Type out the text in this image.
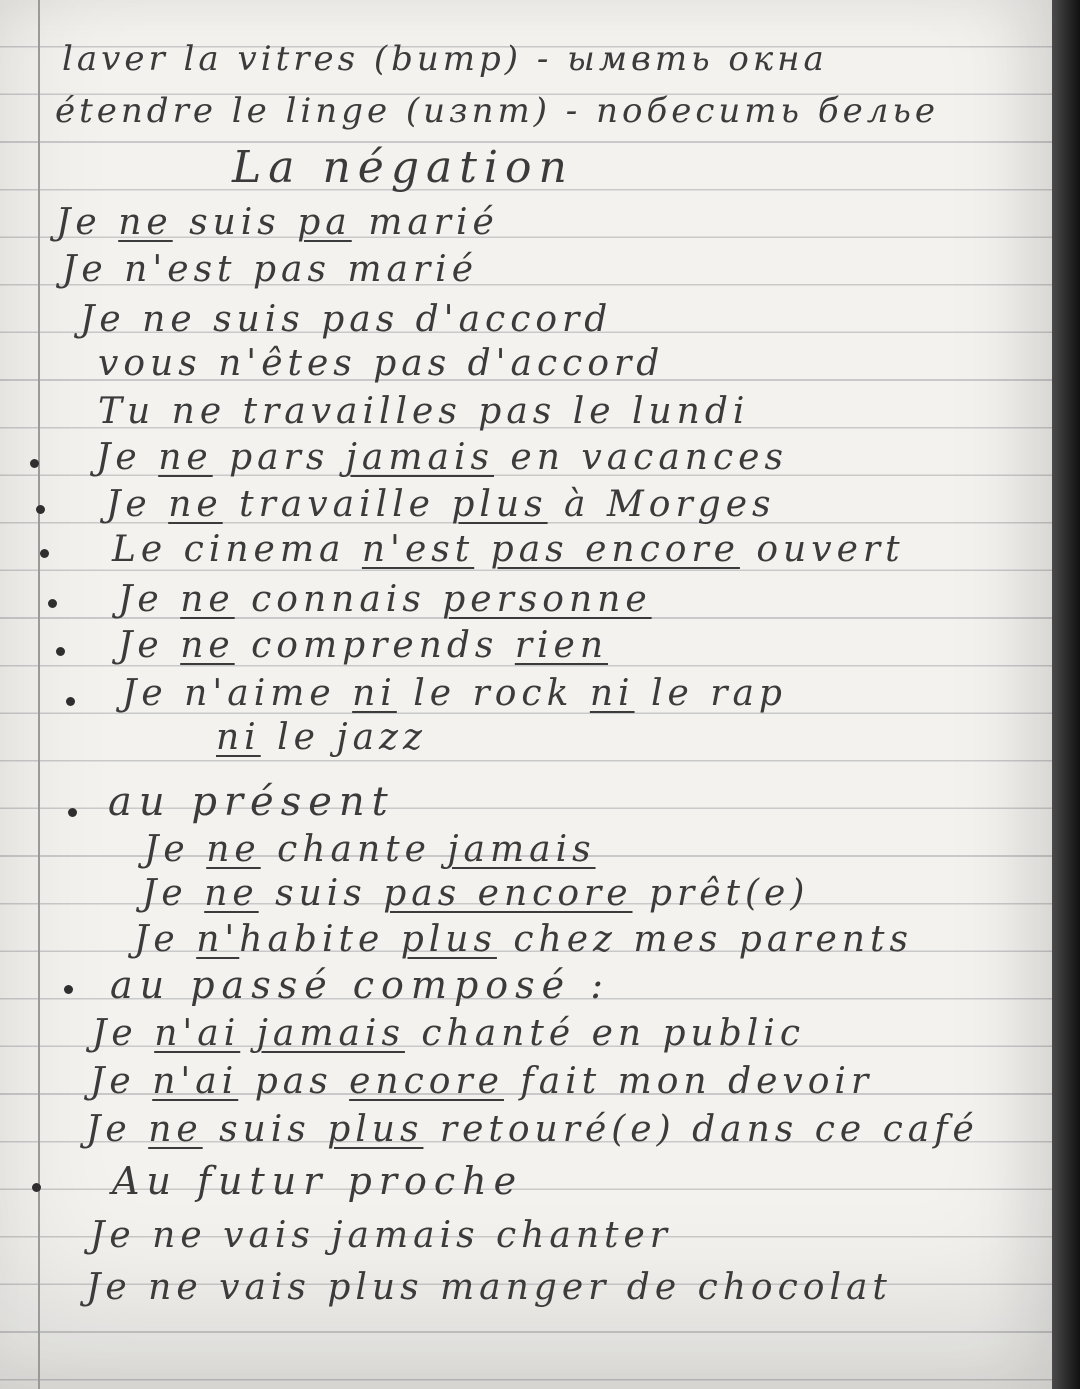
laver la vitres (bump) - ымвmь окна
étendre le linge (изnm) - побесить белье
La négation
Je ne suis pa marié
Je n'est pas marié
Je ne suis pas d'accord
vous n'êtes pas d'accord
Tu ne travailles pas le lundi
Je ne pars jamais en vacances
Je ne travaille plus à Morges
Le cinema n'est pas encore ouvert
Je ne connais personne
Je ne comprends rien
Je n'aime ni le rock ni le rap
ni le jazz
au présent
Je ne chante jamais
Je ne suis pas encore prêt(e)
Je n'habite plus chez mes parents
au passé composé :
Je n'ai jamais chanté en public
Je n'ai pas encore fait mon devoir
Je ne suis plus retouré(e) dans ce café
Au futur proche
Je ne vais jamais chanter
Je ne vais plus manger de chocolat
